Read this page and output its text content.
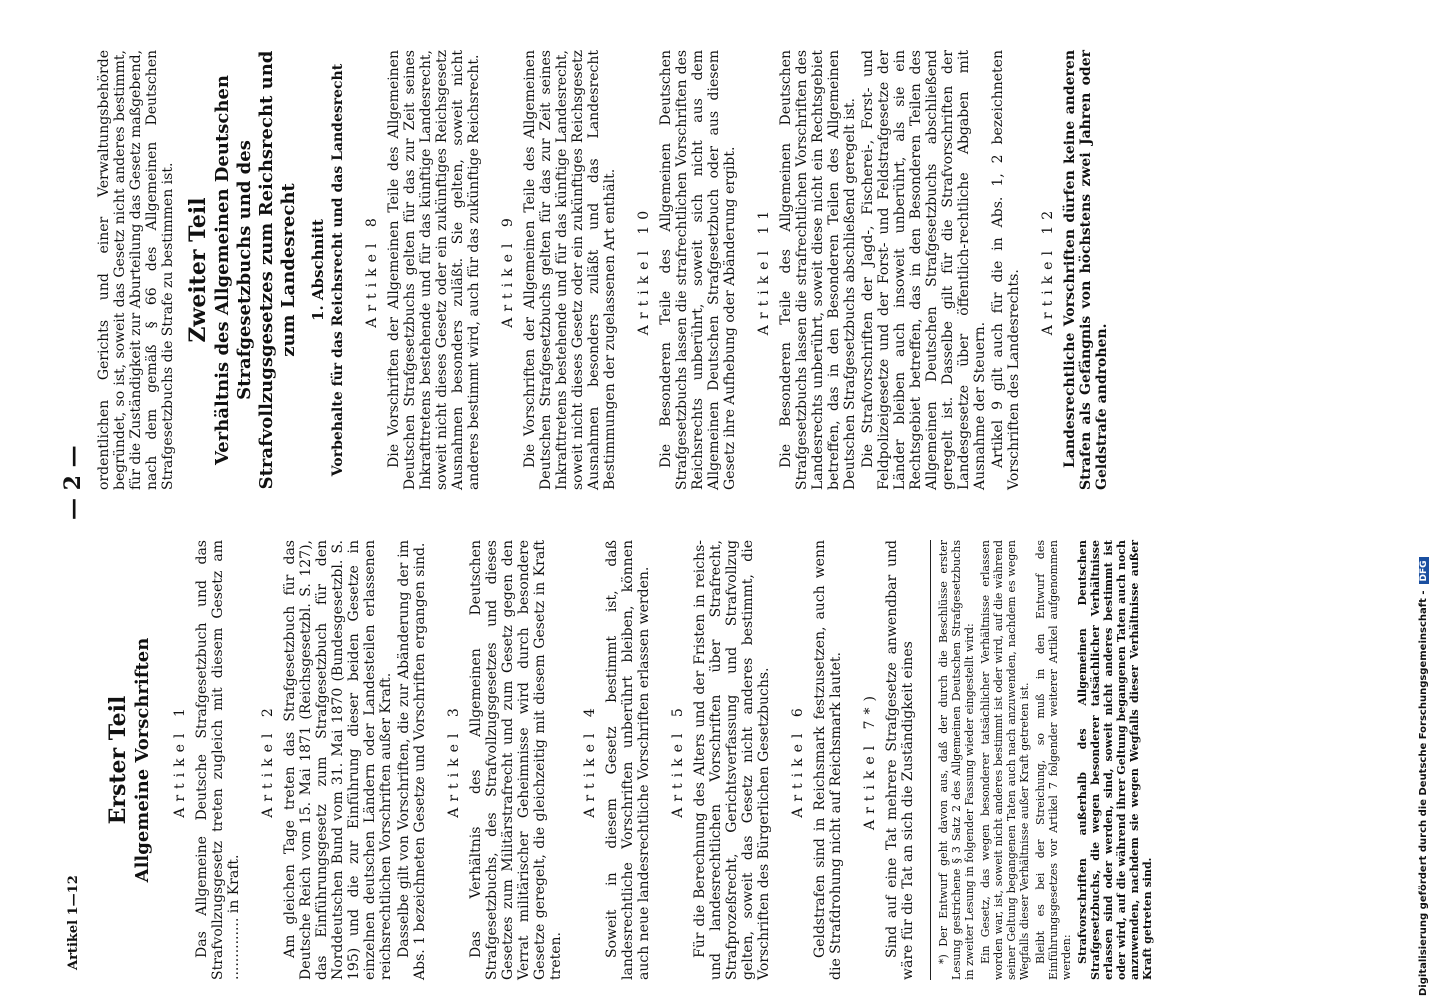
Artikel 1—12
— 2 —
Erster Teil Allgemeine Vorschriften Artikel 1 Das Allgemeine Deutsche Strafgesetzbuch und das Strafvollzugsgesetz treten zugleich mit diesem Gesetz am .............. in Kraft.

Artikel 2 Am gleichen Tage treten das Strafgesetzbuch für das Deutsche Reich vom 15. Mai 1871 (Reichsgesetzbl. S. 127), das Einführungsgesetz zum Strafgesetzbuch für den Norddeutschen Bund vom 31. Mai 1870 (Bundesgesetzbl. S. 195) und die zur Einführung dieser beiden Gesetze in einzelnen deutschen Ländern oder Landesteilen erlassenen reichsrechtlichen Vorschriften außer Kraft. Dasselbe gilt von Vorschriften, die zur Abänderung der im Abs. 1 bezeichneten Gesetze und Vorschriften ergangen sind. Artikel 3 Das Verhältnis des Allgemeinen Deutschen Strafgesetzbuchs, des Strafvollzugsgesetzes und dieses Gesetzes zum Militärstrafrecht und zum Gesetz gegen den Verrat militärischer Geheimnisse wird durch besondere Gesetze geregelt, die gleichzeitig mit diesem Gesetz in Kraft treten.

Artikel 4 Soweit in diesem Gesetz bestimmt ist, daß landesrechtliche Vorschriften unberührt bleiben, können auch neue landesrechtliche Vorschriften erlassen werden. Artikel 5 Für die Berechnung des Alters und der Fristen in reichs- und landesrechtlichen Vorschriften über Strafrecht, Strafprozeßrecht, Gerichtsverfassung und Strafvollzug gelten, soweit das Gesetz nicht anderes bestimmt, die Vorschriften des Bürgerlichen Gesetzbuchs. Artikel 6 Geldstrafen sind in Reichsmark festzusetzen, auch wenn die Strafdrohung nicht auf Reichsmark lautet. Artikel 7*) Sind auf eine Tat mehrere Strafgesetze anwendbar und wäre für die Tat an sich die Zuständigkeit eines *) Der Entwurf geht davon aus, daß der durch die Beschlüsse erster Lesung gestrichene § 3 Satz 2 des Allgemeinen Deutschen Strafgesetzbuchs in zweiter Lesung in folgender Fassung wieder eingestellt wird: Ein Gesetz, das wegen besonderer tatsächlicher Verhältnisse erlassen worden war, ist, soweit nicht anderes bestimmt ist oder wird, auf die während seiner Geltung begangenen Taten auch nach anzuwenden, nachdem es wegen Wegfalls dieser Verhältnisse außer Kraft getreten ist. Bleibt es bei der Streichung, so muß in den Entwurf des Einführungsgesetzes vor Artikel 7 folgender weiterer Artikel aufgenommen werden: Strafvorschriften außerhalb des Allgemeinen Deutschen Strafgesetzbuchs, die wegen besonderer tatsächlicher Verhältnisse erlassen sind oder werden, sind, soweit nicht anderes bestimmt ist oder wird, auf die während ihrer Geltung begangenen Taten auch noch anzuwenden, nachdem sie wegen Wegfalls dieser Verhältnisse außer Kraft getreten sind.

ordentlichen Gerichts und einer Verwaltungsbehörde begründet, so ist, soweit das Gesetz nicht anderes bestimmt, für die Zuständigkeit zur Aburteilung das Gesetz maßgebend, nach dem gemäß § 66 des Allgemeinen Deutschen Strafgesetzbuchs die Strafe zu bestimmen ist. Zweiter Teil Verhältnis des Allgemeinen Deutschen Strafgesetzbuchs und des Strafvollzugsgesetzes zum Reichsrecht und zum Landesrecht 1. Abschnitt Vorbehalte für das Reichsrecht und das Landesrecht Artikel 8 Die Vorschriften der Allgemeinen Teile des Allgemeinen Deutschen Strafgesetzbuchs gelten für das zur Zeit seines Inkrafttretens bestehende und für das künftige Landesrecht, soweit nicht dieses Gesetz oder ein zukünftiges Reichsgesetz Ausnahmen besonders zuläßt. Sie gelten, soweit nicht anderes bestimmt wird, auch für das zukünftige Reichsrecht. Artikel 9 Die Vorschriften der Allgemeinen Teile des Allgemeinen Deutschen Strafgesetzbuchs gelten für das zur Zeit seines Inkrafttretens bestehende und für das künftige Landesrecht, soweit nicht dieses Gesetz oder ein zukünftiges Reichsgesetz Ausnahmen besonders zuläßt und das Landesrecht Bestimmungen der zugelassenen Art enthält. Artikel 10 Die Besonderen Teile des Allgemeinen Deutschen Strafgesetzbuchs lassen die strafrechtlichen Vorschriften des Reichsrechts unberührt, soweit sich nicht aus dem Allgemeinen Deutschen Strafgesetzbuch oder aus diesem Gesetz ihre Aufhebung oder Abänderung ergibt. Artikel 11 Die Besonderen Teile des Allgemeinen Deutschen Strafgesetzbuchs lassen die strafrechtlichen Vorschriften des Landesrechts unberührt, soweit diese nicht ein Rechtsgebiet betreffen, das in den Besonderen Teilen des Allgemeinen Deutschen Strafgesetzbuchs abschließend geregelt ist. Die Strafvorschriften der Jagd-, Fischerei-, Forst- und Feldpolizeigesetze und der Forst- und Feldstrafgesetze der Länder bleiben auch insoweit unberührt, als sie ein Rechtsgebiet betreffen, das in den Besonderen Teilen des Allgemeinen Deutschen Strafgesetzbuchs abschließend geregelt ist. Dasselbe gilt für die Strafvorschriften der Landesgesetze über öffentlich-rechtliche Abgaben mit Ausnahme der Steuern. Artikel 9 gilt auch für die in Abs. 1, 2 bezeichneten Vorschriften des Landesrechts. Artikel 12 Landesrechtliche Vorschriften dürfen keine anderen Strafen als Gefängnis von höchstens zwei Jahren oder Geldstrafe androhen.

Digitalisierung gefördert durch die Deutsche Forschungsgemeinschaft -DFG
